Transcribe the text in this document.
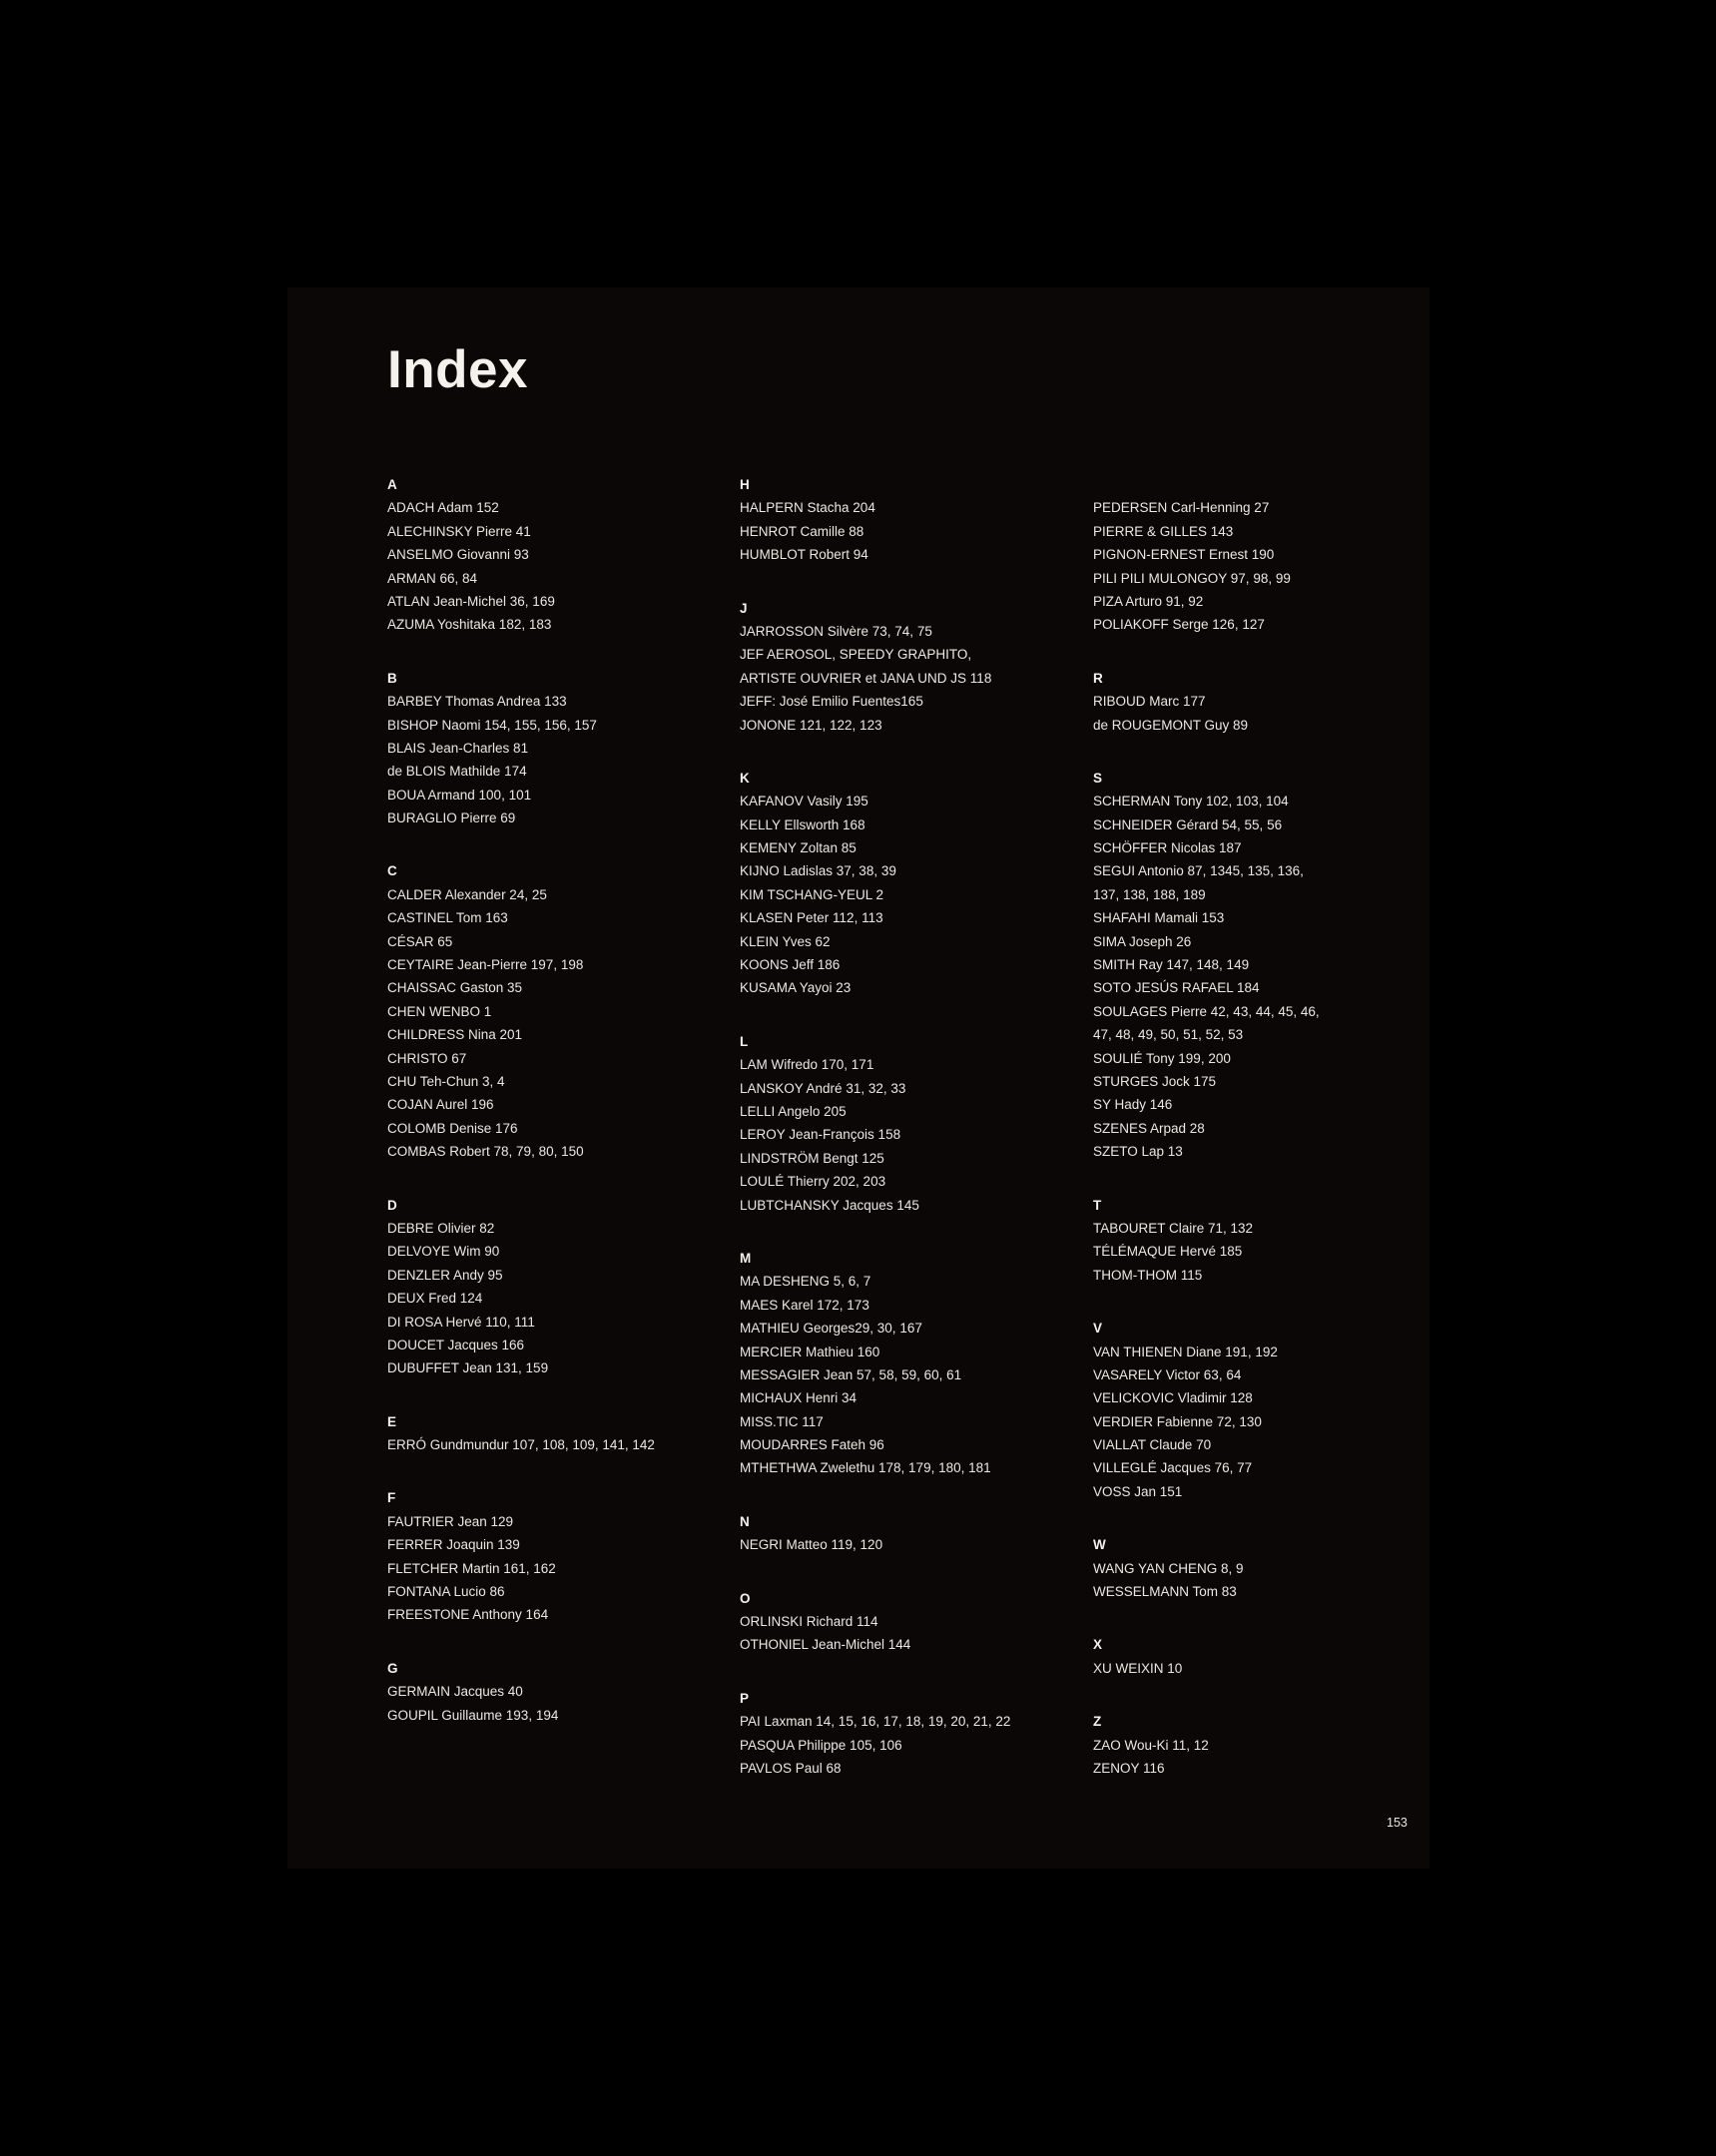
Index
A
ADACH Adam 152
ALECHINSKY Pierre 41
ANSELMO Giovanni 93
ARMAN 66, 84
ATLAN Jean-Michel 36, 169
AZUMA Yoshitaka 182, 183
B
BARBEY Thomas Andrea 133
BISHOP Naomi 154, 155, 156, 157
BLAIS Jean-Charles 81
de BLOIS Mathilde 174
BOUA Armand 100, 101
BURAGLIO Pierre 69
C
CALDER Alexander 24, 25
CASTINEL Tom 163
CÉSAR 65
CEYTAIRE Jean-Pierre 197, 198
CHAISSAC Gaston 35
CHEN WENBO 1
CHILDRESS Nina 201
CHRISTO 67
CHU Teh-Chun 3, 4
COJAN Aurel 196
COLOMB Denise 176
COMBAS Robert 78, 79, 80, 150
D
DEBRE Olivier 82
DELVOYE Wim 90
DENZLER Andy 95
DEUX Fred 124
DI ROSA Hervé 110, 111
DOUCET Jacques 166
DUBUFFET Jean 131, 159
E
ERRÓ Gundmundur 107, 108, 109, 141, 142
F
FAUTRIER Jean 129
FERRER Joaquin 139
FLETCHER Martin 161, 162
FONTANA Lucio 86
FREESTONE Anthony 164
G
GERMAIN Jacques 40
GOUPIL Guillaume 193, 194
H
HALPERN Stacha 204
HENROT Camille 88
HUMBLOT Robert 94
J
JARROSSON Silvère 73, 74, 75
JEF AEROSOL, SPEEDY GRAPHITO,
ARTISTE OUVRIER et JANA UND JS 118
JEFF: José Emilio Fuentes165
JONONE 121, 122, 123
K
KAFANOV Vasily 195
KELLY Ellsworth 168
KEMENY Zoltan 85
KIJNO Ladislas 37, 38, 39
KIM TSCHANG-YEUL 2
KLASEN Peter 112, 113
KLEIN Yves 62
KOONS Jeff 186
KUSAMA Yayoi 23
L
LAM Wifredo 170, 171
LANSKOY André 31, 32, 33
LELLI Angelo 205
LEROY Jean-François 158
LINDSTRÖM Bengt 125
LOULÉ Thierry 202, 203
LUBTCHANSKY Jacques 145
M
MA DESHENG 5, 6, 7
MAES Karel 172, 173
MATHIEU Georges29, 30, 167
MERCIER Mathieu 160
MESSAGIER Jean 57, 58, 59, 60, 61
MICHAUX Henri 34
MISS.TIC 117
MOUDARRES Fateh 96
MTHETHWA Zwelethu 178, 179, 180, 181
N
NEGRI Matteo 119, 120
O
ORLINSKI Richard 114
OTHONIEL Jean-Michel 144
P
PAI Laxman 14, 15, 16, 17, 18, 19, 20, 21, 22
PASQUA Philippe 105, 106
PAVLOS Paul 68
PEDERSEN Carl-Henning 27
PIERRE & GILLES 143
PIGNON-ERNEST Ernest 190
PILI PILI MULONGOY 97, 98, 99
PIZA Arturo 91, 92
POLIAKOFF Serge 126, 127
R
RIBOUD Marc 177
de ROUGEMONT Guy 89
S
SCHERMAN Tony 102, 103, 104
SCHNEIDER Gérard 54, 55, 56
SCHÖFFER Nicolas 187
SEGUI Antonio 87, 1345, 135, 136,
137, 138, 188, 189
SHAFAHI Mamali 153
SIMA Joseph 26
SMITH Ray 147, 148, 149
SOTO JESÚS RAFAEL 184
SOULAGES Pierre 42, 43, 44, 45, 46,
47, 48, 49, 50, 51, 52, 53
SOULIÉ Tony 199, 200
STURGES Jock 175
SY Hady 146
SZENES Arpad 28
SZETO Lap 13
T
TABOURET Claire 71, 132
TÉLÉMAQUE Hervé 185
THOM-THOM 115
V
VAN THIENEN Diane 191, 192
VASARELY Victor 63, 64
VELICKOVIC Vladimir 128
VERDIER Fabienne 72, 130
VIALLAT Claude 70
VILLEGLÉ Jacques 76, 77
VOSS Jan 151
W
WANG YAN CHENG 8, 9
WESSELMANN Tom 83
X
XU WEIXIN 10
Z
ZAO Wou-Ki 11, 12
ZENOY 116
153
